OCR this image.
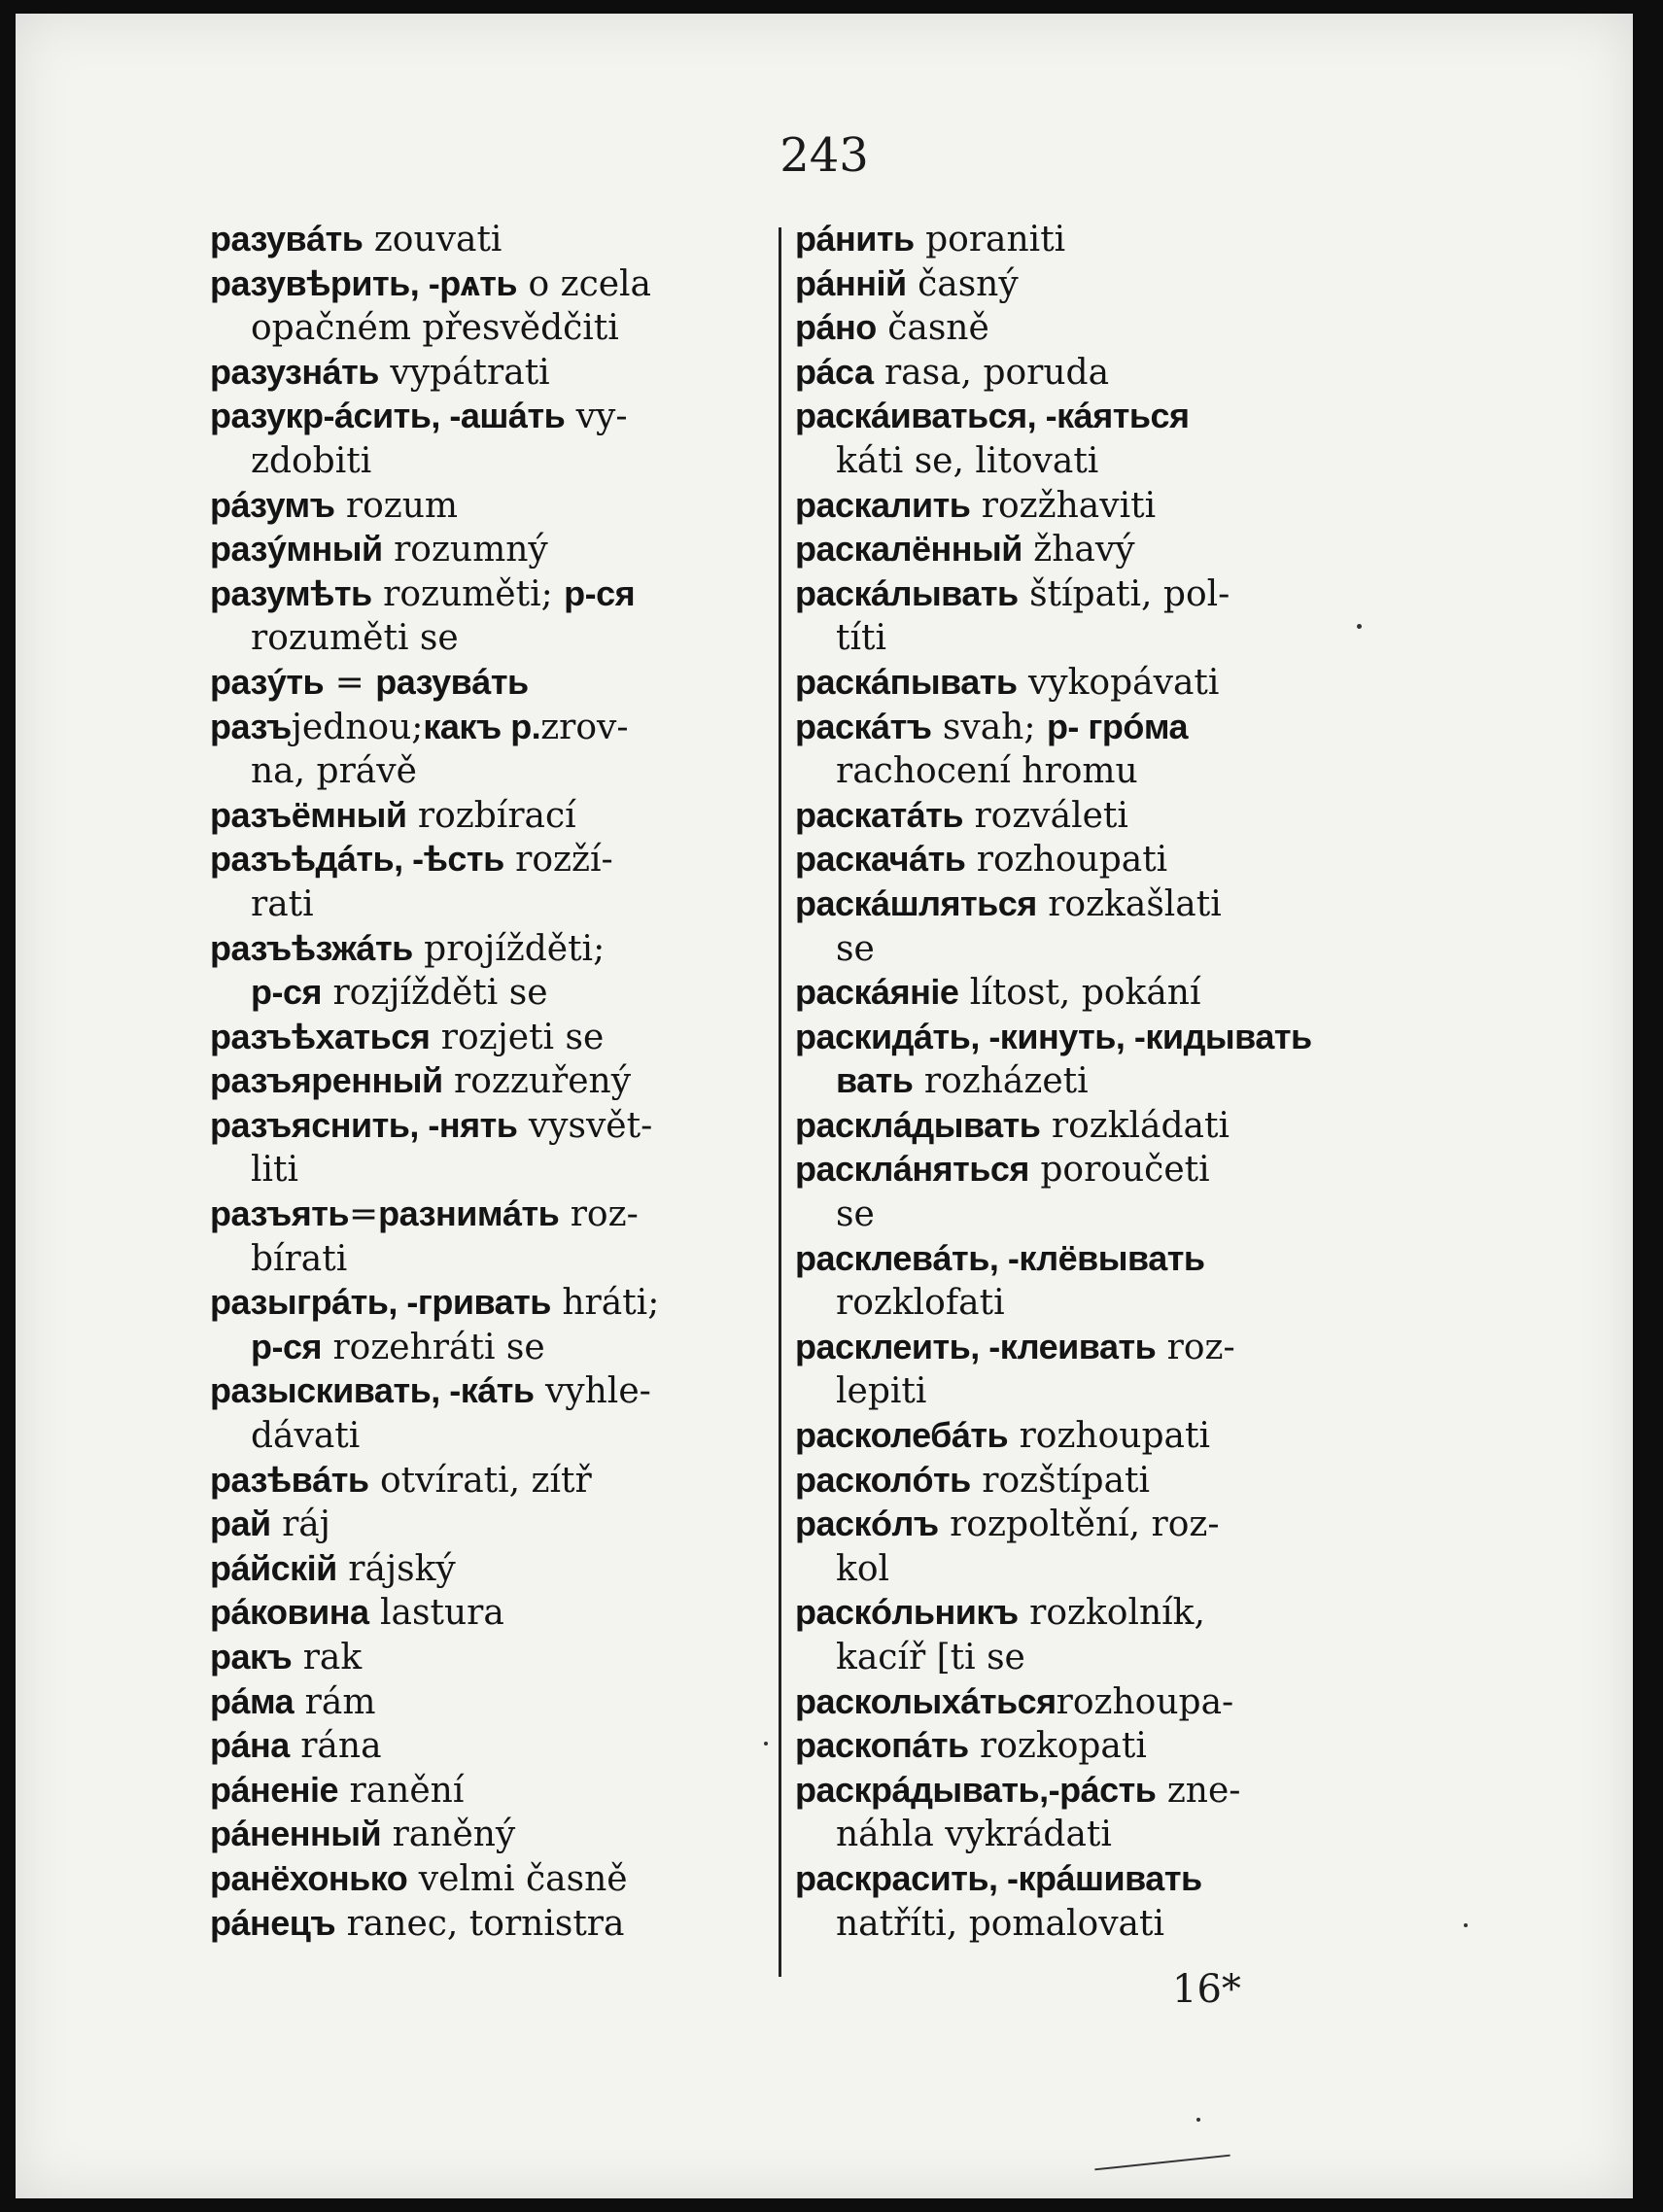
243
разувáть zouvati
разувѣрить, -рѧть o zcela
opačném přesvědčiti
разузнáть vypátrati
разукр-áсить, -ашáть vy-
zdobiti
рáзумъ rozum
разýмный rozumný
разумѣть rozuměti; р-ся
rozuměti se
разýть = разувáть
разъjednou;какъ р.zrov-
na, právě
разъёмный rozbírací
разъѣдáть, -ѣсть rozží-
rati
разъѣзжáть projížděti;
р-ся rozjížděti se
разъѣхаться rozjeti se
разъяренный rozzuřený
разъяснить, -нять vysvět-
liti
разъять=разнимáть roz-
bírati
разыгрáть, -гривать hráti;
р-ся rozehráti se
разыскивать, -кáть vyhle-
dávati
разѣвáть otvírati, zítř
рай ráj
рáйскій rájský
рáковина lastura
ракъ rak
рáма rám
рáна rána
рáненіе ranění
рáненный raněný
ранёхонько velmi časně
рáнецъ ranec, tornistra
рáнить poraniti
рáнній časný
рáно časně
рáса rasa, poruda
раскáиваться, -кáяться
káti se, litovati
раскалить rozžhaviti
раскалённый žhavý
раскáлывать štípati, pol-
títi
раскáпывать vykopávati
раскáтъ svah; р- грóма
rachocení hromu
раскатáть rozváleti
раскачáть rozhoupati
раскáшляться rozkašlati
se
раскáяніе lítost, pokání
раскидáть, -кинуть, -кидывать
вать rozházeti
расклáдывать rozkládati
расклáняться poroučeti
se
расклевáть, -клёвывать
rozklofati
расклеить, -клеивать roz-
lepiti
расколебáть rozhoupati
расколóть rozštípati
раскóлъ rozpoltění, roz-
kol
раскóльникъ rozkolník,
kacíř [ti se
расколыхáтьсяrozhoupa-
раскопáть rozkopati
раскрáдывать,-рáсть zne-
náhla vykrádati
раскрасить, -крáшивать
natříti, pomalovati
16*
